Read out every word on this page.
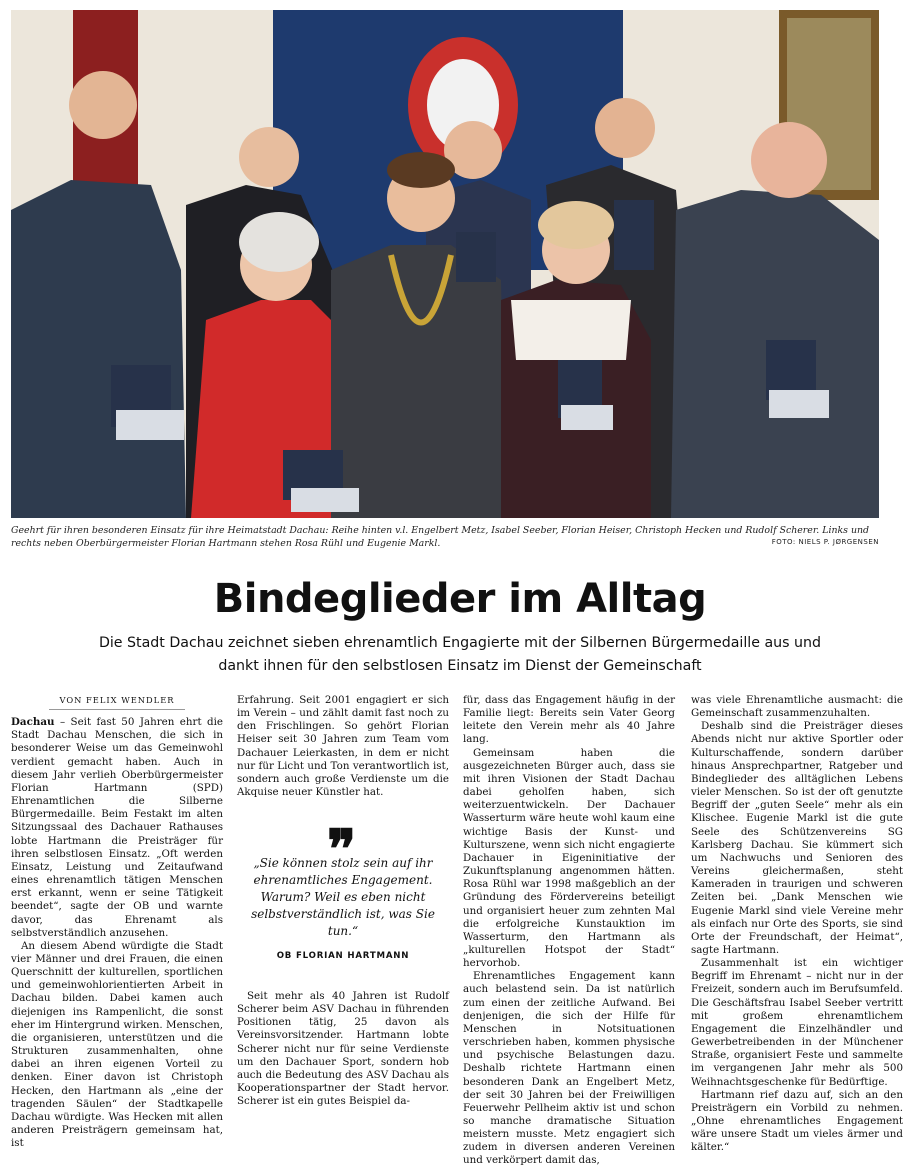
Geehrt für ihren besonderen Einsatz für ihre Heimatstadt Dachau: Reihe hinten v.l. Engelbert Metz, Isabel Seeber, Florian Heiser, Christoph Hecken und Rudolf Scherer. Links und rechts neben Oberbürgermeister Florian Hartmann stehen Rosa Rühl und Eugenie Markl.	FOTO: NIELS P. JØRGENSEN
Bindeglieder im Alltag
Die Stadt Dachau zeichnet sieben ehrenamtlich Engagierte mit der Silbernen Bürgermedaille aus und dankt ihnen für den selbstlosen Einsatz im Dienst der Gemeinschaft
VON FELIX WENDLER

Dachau – Seit fast 50 Jahren ehrt die Stadt Dachau Menschen, die sich in besonderer Weise um das Gemeinwohl verdient gemacht haben. Auch in diesem Jahr verlieh Oberbürgermeister Florian Hartmann (SPD) Ehrenamtlichen die Silberne Bürgermedaille. Beim Festakt im alten Sitzungssaal des Dachauer Rathauses lobte Hartmann die Preisträger für ihren selbstlosen Einsatz. „Oft werden Einsatz, Leistung und Zeitaufwand eines ehrenamtlich tätigen Menschen erst erkannt, wenn er seine Tätigkeit beendet“, sagte der OB und warnte davor, das Ehrenamt als selbstverständlich anzusehen.

An diesem Abend würdigte die Stadt vier Männer und drei Frauen, die einen Querschnitt der kulturellen, sportlichen und gemeinwohlorientierten Arbeit in Dachau bilden. Dabei kamen auch diejenigen ins Rampenlicht, die sonst eher im Hintergrund wirken. Menschen, die organisieren, unterstützen und die Strukturen zusammenhalten, ohne dabei an ihren eigenen Vorteil zu denken. Einer davon ist Christoph Hecken, den Hartmann als „eine der tragenden Säulen“ der Stadtkapelle Dachau würdigte. Was Hecken mit allen anderen Preisträgern gemeinsam hat, ist

Erfahrung. Seit 2001 engagiert er sich im Verein – und zählt damit fast noch zu den Frischlingen. So gehört Florian Heiser seit 30 Jahren zum Team vom Dachauer Leierkasten, in dem er nicht nur für Licht und Ton verantwortlich ist, sondern auch große Verdienste um die Akquise neuer Künstler hat.

❞
„Sie können stolz sein auf ihr ehrenamtliches Engagement. Warum? Weil es eben nicht selbstverständlich ist, was Sie tun.“
OB FLORIAN HARTMANN

Seit mehr als 40 Jahren ist Rudolf Scherer beim ASV Dachau in führenden Positionen tätig, 25 davon als Vereinsvorsitzender. Hartmann lobte Scherer nicht nur für seine Verdienste um den Dachauer Sport, sondern hob auch die Bedeutung des ASV Dachau als Kooperationspartner der Stadt hervor. Scherer ist ein gutes Beispiel da-

für, dass das Engagement häufig in der Familie liegt: Bereits sein Vater Georg leitete den Verein mehr als 40 Jahre lang.

Gemeinsam haben die ausgezeichneten Bürger auch, dass sie mit ihren Visionen der Stadt Dachau dabei geholfen haben, sich weiterzuentwickeln. Der Dachauer Wasserturm wäre heute wohl kaum eine wichtige Basis der Kunst- und Kulturszene, wenn sich nicht engagierte Dachauer in Eigeninitiative der Zukunftsplanung angenommen hätten. Rosa Rühl war 1998 maßgeblich an der Gründung des Fördervereins beteiligt und organisiert heuer zum zehnten Mal die erfolgreiche Kunstauktion im Wasserturm, den Hartmann als „kulturellen Hotspot der Stadt“ hervorhob.

Ehrenamtliches Engagement kann auch belastend sein. Da ist natürlich zum einen der zeitliche Aufwand. Bei denjenigen, die sich der Hilfe für Menschen in Notsituationen verschrieben haben, kommen physische und psychische Belastungen dazu. Deshalb richtete Hartmann einen besonderen Dank an Engelbert Metz, der seit 30 Jahren bei der Freiwilligen Feuerwehr Pellheim aktiv ist und schon so manche dramatische Situation meistern musste. Metz engagiert sich zudem in diversen anderen Vereinen und verkörpert damit das,

was viele Ehrenamtliche ausmacht: die Gemeinschaft zusammenzuhalten.

Deshalb sind die Preisträger dieses Abends nicht nur aktive Sportler oder Kulturschaffende, sondern darüber hinaus Ansprechpartner, Ratgeber und Bindeglieder des alltäglichen Lebens vieler Menschen. So ist der oft genutzte Begriff der „guten Seele“ mehr als ein Klischee. Eugenie Markl ist die gute Seele des Schützenvereins SG Karlsberg Dachau. Sie kümmert sich um Nachwuchs und Senioren des Vereins gleichermaßen, steht Kameraden in traurigen und schweren Zeiten bei. „Dank Menschen wie Eugenie Markl sind viele Vereine mehr als einfach nur Orte des Sports, sie sind Orte der Freundschaft, der Heimat“, sagte Hartmann.

Zusammenhalt ist ein wichtiger Begriff im Ehrenamt – nicht nur in der Freizeit, sondern auch im Berufsumfeld. Die Geschäftsfrau Isabel Seeber vertritt mit großem ehrenamtlichem Engagement die Einzelhändler und Gewerbetreibenden in der Münchener Straße, organisiert Feste und sammelte im vergangenen Jahr mehr als 500 Weihnachtsgeschenke für Bedürftige.

Hartmann rief dazu auf, sich an den Preisträgern ein Vorbild zu nehmen. „Ohne ehrenamtliches Engagement wäre unsere Stadt um vieles ärmer und kälter.“
